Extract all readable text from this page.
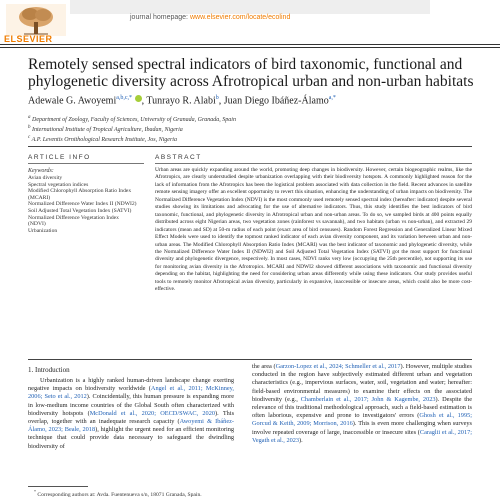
ELSEVIER
journal homepage: www.elsevier.com/locate/ecolind
Remotely sensed spectral indicators of bird taxonomic, functional and phylogenetic diversity across Afrotropical urban and non-urban habitats
Adewale G. Awoyemi$^{a,b,c,*}$ , Tunrayo R. Alabi$^b$, Juan Diego Ibáñez-Álamo$^{a,*}$
$^a$ Department of Zoology, Faculty of Sciences, University of Granada, Granada, Spain
$^b$ International Institute of Tropical Agriculture, Ibadan, Nigeria
$^c$ A.P. Leventis Ornithological Research Institute, Jos, Nigeria
ARTICLE INFO	ABSTRACT
Keywords:
Avian diversity
Spectral vegetation indices
Modified Chlorophyll Absorption Ratio Index
(MCARI)
Normalized Difference Water Index II (NDWI2)
Soil Adjusted Total Vegetation Index (SATVI)
Normalized Difference Vegetation Index
(NDVI)
Urbanization
Urban areas are quickly expanding around the world, promoting deep changes in biodiversity. However, certain biogeographic realms, like the Afrotropics, are clearly understudied despite urbanization overlapping with their biodiversity hotspots. A commonly highlighted reason for the lack of information from the Afrotropics has been the logistical problem associated with data collection in the field. Recent advances in satellite remote sensing imagery offer an excellent opportunity to revert this situation, enhancing the understanding of urban impacts on biodiversity. The Normalized Difference Vegetation Index (NDVI) is the most commonly used remotely sensed spectral index (hereafter: indicator) despite several studies showing its limitations and advocating for the use of alternative indicators. Thus, this study identifies the best indicators of bird taxonomic, functional, and phylogenetic diversity in Afrotropical urban and non-urban areas. To do so, we sampled birds at 400 points equally distributed across eight Nigerian areas, two vegetation zones (rainforest vs savannah), and two habitats (urban vs non-urban), and extracted 29 indicators (mean and SD) at 50-m radius of each point (exact area of bird censuses). Random Forest Regression and Generalized Linear Mixed Effect Models were used to identify the topmost ranked indicator of each avian diversity component, and its variation between urban and non-urban areas. The Modified Chlorophyll Absorption Ratio Index (MCARI) was the best indicator of taxonomic and phylogenetic diversity, while the Normalized Difference Water Index II (NDWI2) and Soil Adjusted Total Vegetation Index (SATVI) got the most support for functional diversity and phylogenetic divergence, respectively. In most cases, NDVI ranks very low (occupying the 25th percentile), not supporting its use for monitoring avian diversity in the Afrotropics. MCARI and NDWI2 showed different associations with taxonomic and functional diversity depending on the habitat, highlighting the need for considering urban areas differently while using these indicators. Our study provides useful tools to remotely monitor Afrotropical avian diversity, particularly in expansive, inaccessible or insecure areas, which could also be more cost-effective.
1. Introduction
Urbanization is a highly ranked human-driven landscape change exerting negative impacts on biodiversity worldwide (Angel et al., 2011; McKinney, 2006; Seto et al., 2012). Coincidentally, this human pressure is expanding more in low-medium income countries of the Global South often characterized with biodiversity hotspots (McDonald et al., 2020; OECD/SWAC, 2020). This overlap, together with an inadequate research capacity (Awoyemi & Ibáñez-Álamo, 2023; Beale, 2018), highlight the urgent need for an efficient monitoring technique that could provide data necessary to safeguard the dwindling biodiversity of
the area (Garzon-Lopez et al., 2024; Schmeller et al., 2017). However, multiple studies conducted in the region have subjectively estimated different urban and vegetation characteristics (e.g., impervious surfaces, water, soil, vegetation and water; hereafter: field-based environmental measures) to examine their effects on the associated biodiversity (e.g., Chamberlain et al., 2017; John & Kagembe, 2023). Despite the relevance of this traditional methodological approach, such a field-based estimation is often laborious, expensive and prone to investigators' errors (Ghosh et al., 1995; Gorcud & Keith, 2009; Morrison, 2016). This is even more challenging when surveys involve repeated coverage of large, inaccessible or insecure sites (Caraglii et al., 2017; Vegath et al., 2023).
* Corresponding authors at: Avda. Fuentenueva s/n, 18071 Granada, Spain.
